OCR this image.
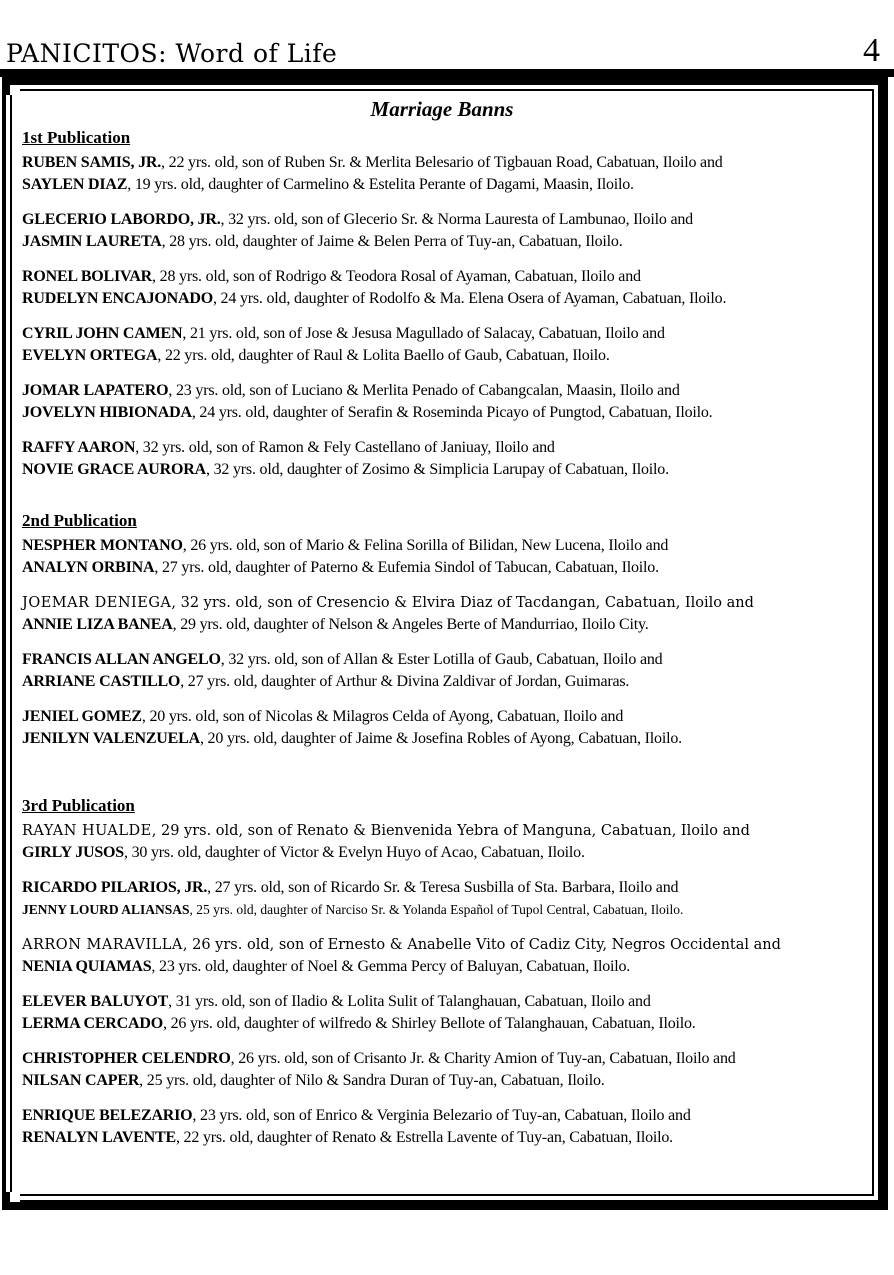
PANICITOS: Word of Life	4
Marriage Banns
1st Publication
RUBEN SAMIS, JR., 22 yrs. old, son of Ruben Sr. & Merlita Belesario of Tigbauan Road, Cabatuan, Iloilo and
SAYLEN DIAZ, 19 yrs. old, daughter of Carmelino & Estelita Perante of Dagami, Maasin, Iloilo.
GLECERIO LABORDO, JR., 32 yrs. old, son of Glecerio Sr. & Norma Lauresta of Lambunao, Iloilo and
JASMIN LAURETA, 28 yrs. old, daughter of Jaime & Belen Perra of Tuy-an, Cabatuan, Iloilo.
RONEL BOLIVAR, 28 yrs. old, son of Rodrigo & Teodora Rosal of Ayaman, Cabatuan, Iloilo and
RUDELYN ENCAJONADO, 24 yrs. old, daughter of Rodolfo & Ma. Elena Osera of Ayaman, Cabatuan, Iloilo.
CYRIL JOHN CAMEN, 21 yrs. old, son of Jose & Jesusa Magullado of Salacay, Cabatuan, Iloilo and
EVELYN ORTEGA, 22 yrs. old, daughter of Raul & Lolita Baello of Gaub, Cabatuan, Iloilo.
JOMAR LAPATERO, 23 yrs. old, son of Luciano & Merlita Penado of Cabangcalan, Maasin, Iloilo and
JOVELYN HIBIONADA, 24 yrs. old, daughter of Serafin & Roseminda Picayo of Pungtod, Cabatuan, Iloilo.
RAFFY AARON, 32 yrs. old, son of Ramon & Fely Castellano of Janiuay, Iloilo and
NOVIE GRACE AURORA, 32 yrs. old, daughter of Zosimo & Simplicia Larupay of Cabatuan, Iloilo.
2nd Publication
NESPHER MONTANO, 26 yrs. old, son of Mario & Felina Sorilla of Bilidan, New Lucena, Iloilo and
ANALYN ORBINA, 27 yrs. old, daughter of Paterno & Eufemia Sindol of Tabucan, Cabatuan, Iloilo.
JOEMAR DENIEGA, 32 yrs. old, son of Cresencio & Elvira Diaz of Tacdangan, Cabatuan, Iloilo and
ANNIE LIZA BANEA, 29 yrs. old, daughter of Nelson & Angeles Berte of Mandurriao, Iloilo City.
FRANCIS ALLAN ANGELO, 32 yrs. old, son of Allan & Ester Lotilla of Gaub, Cabatuan, Iloilo and
ARRIANE CASTILLO, 27 yrs. old, daughter of Arthur & Divina Zaldivar of Jordan, Guimaras.
JENIEL GOMEZ, 20 yrs. old, son of Nicolas & Milagros Celda of Ayong, Cabatuan, Iloilo and
JENILYN VALENZUELA, 20 yrs. old, daughter of Jaime & Josefina Robles of Ayong, Cabatuan, Iloilo.
3rd Publication
RAYAN HUALDE, 29 yrs. old, son of Renato & Bienvenida Yebra of Manguna, Cabatuan, Iloilo and
GIRLY JUSOS, 30 yrs. old, daughter of Victor & Evelyn Huyo of Acao, Cabatuan, Iloilo.
RICARDO PILARIOS, JR., 27 yrs. old, son of Ricardo Sr. & Teresa Susbilla of Sta. Barbara, Iloilo and
JENNY LOURD ALIANSAS, 25 yrs. old, daughter of Narciso Sr. & Yolanda Español of Tupol Central, Cabatuan, Iloilo.
ARRON MARAVILLA, 26 yrs. old, son of Ernesto & Anabelle Vito of Cadiz City, Negros Occidental and
NENIA QUIAMAS, 23 yrs. old, daughter of Noel & Gemma Percy of Baluyan, Cabatuan, Iloilo.
ELEVER BALUYOT, 31 yrs. old, son of Iladio & Lolita Sulit of Talanghauan, Cabatuan, Iloilo and
LERMA CERCADO, 26 yrs. old, daughter of wilfredo & Shirley Bellote of Talanghauan, Cabatuan, Iloilo.
CHRISTOPHER CELENDRO, 26 yrs. old, son of Crisanto Jr. & Charity Amion of Tuy-an, Cabatuan, Iloilo and
NILSAN CAPER, 25 yrs. old, daughter of Nilo & Sandra Duran of Tuy-an, Cabatuan, Iloilo.
ENRIQUE BELEZARIO, 23 yrs. old, son of Enrico & Verginia Belezario of Tuy-an, Cabatuan, Iloilo and
RENALYN LAVENTE, 22 yrs. old, daughter of Renato & Estrella Lavente of Tuy-an, Cabatuan, Iloilo.
